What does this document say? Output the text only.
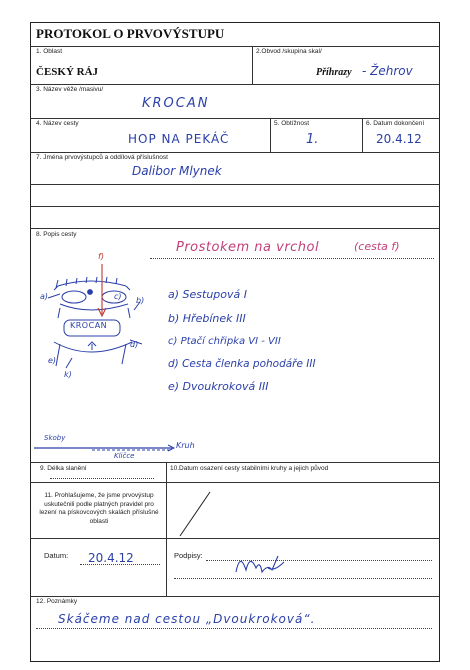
PROTOKOL O PRVOVÝSTUPU
1. Oblast	2.Obvod /skupina skal/
ČESKÝ RÁJ	Příhrazy - Žehrov
3. Název věže /masivu/
KROCAN
4. Název cesty	5. Obtížnost	6. Datum dokončení
HOP NA PEKÁČ	1.	20.4.12
7. Jména prvovýstupců a oddílová příslušnost
Dalibor Mlynek
8. Popis cesty
Prostokem na vrchol	(cesta f)
a) Sestupová I
b) Hřebínek III
c) Ptačí chřipka VI - VII
d) Cesta členka pohodáře III
e) Dvoukroková III
f)
KROCAN
a)	b)
c)
d)
e)
k)
Skoby
Kruh
Kličce
9. Délka slanění	10.Datum osazení cesty stabilními kruhy a jejich původ
11. Prohlašujeme, že jsme prvovýstup uskutečnili podle platných pravidel pro lezení na pískovcových skalách příslušné oblasti
Datum: 20.4.12	Podpisy:
12. Poznámky
Skáčeme nad cestou „Dvoukroková“.
